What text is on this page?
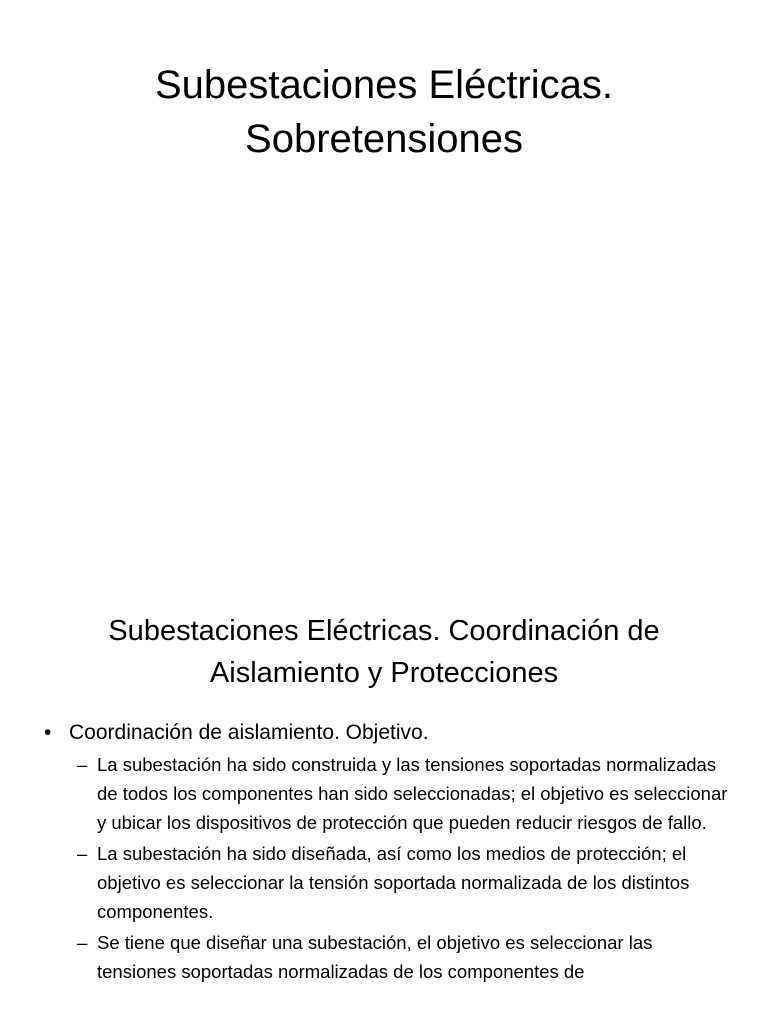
Subestaciones Eléctricas.
Sobretensiones
Subestaciones Eléctricas. Coordinación de
Aislamiento y Protecciones
• Coordinación de aislamiento. Objetivo.
– La subestación ha sido construida y las tensiones soportadas normalizadas de todos los componentes han sido seleccionadas; el objetivo es seleccionar y ubicar los dispositivos de protección que pueden reducir riesgos de fallo.
– La subestación ha sido diseñada, así como los medios de protección; el objetivo es seleccionar la tensión soportada normalizada de los distintos componentes.
– Se tiene que diseñar una subestación, el objetivo es seleccionar las tensiones soportadas normalizadas de los componentes de
